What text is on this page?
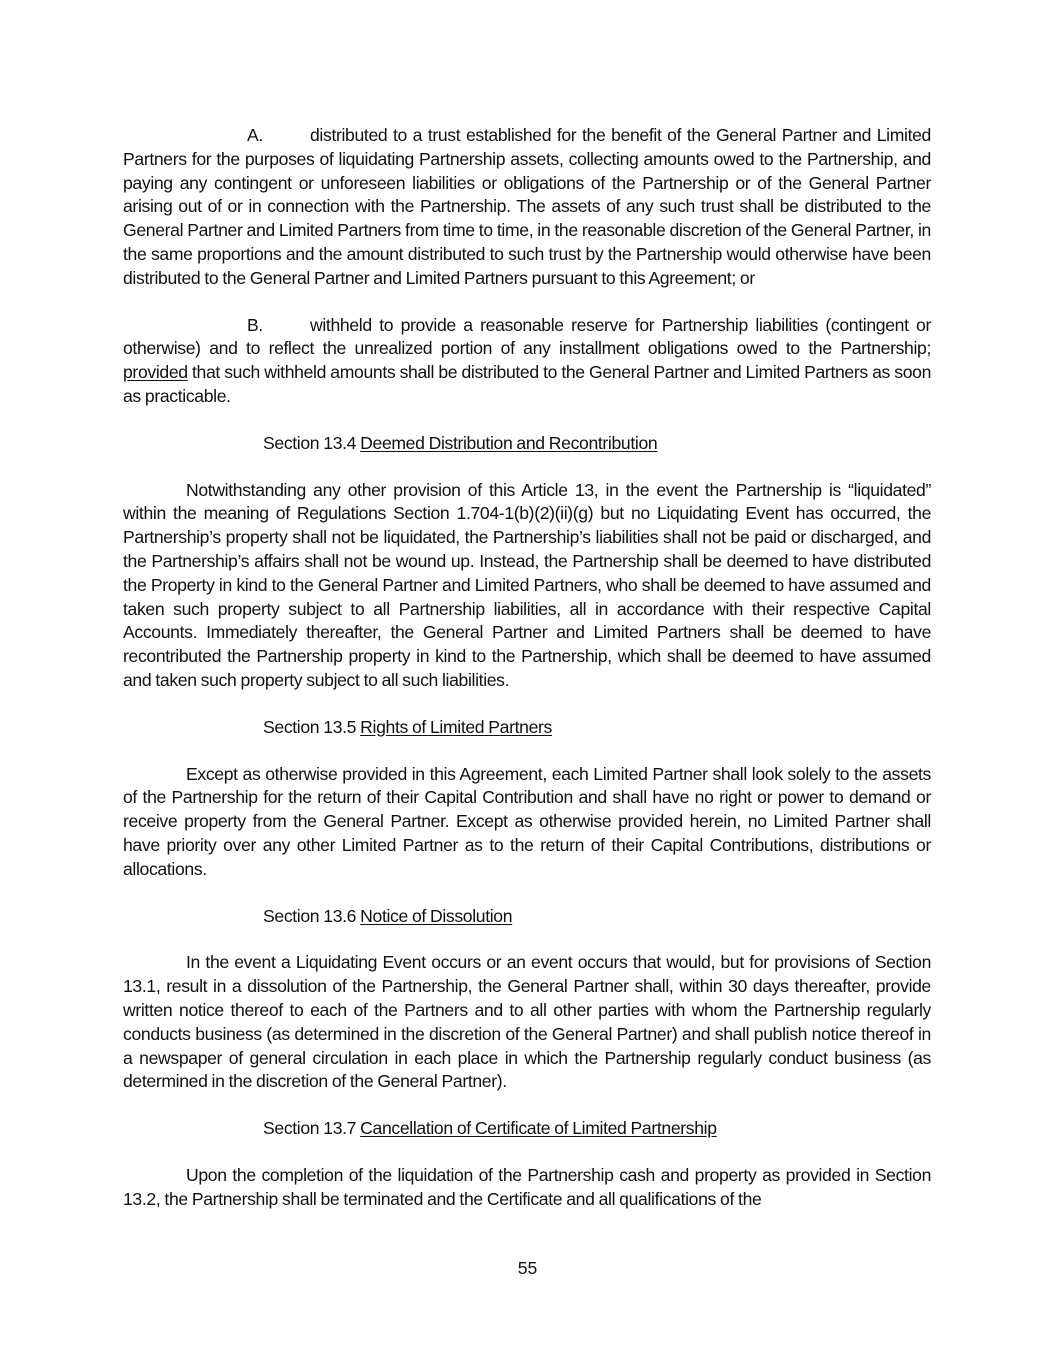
A.	distributed to a trust established for the benefit of the General Partner and Limited Partners for the purposes of liquidating Partnership assets, collecting amounts owed to the Partnership, and paying any contingent or unforeseen liabilities or obligations of the Partnership or of the General Partner arising out of or in connection with the Partnership. The assets of any such trust shall be distributed to the General Partner and Limited Partners from time to time, in the reasonable discretion of the General Partner, in the same proportions and the amount distributed to such trust by the Partnership would otherwise have been distributed to the General Partner and Limited Partners pursuant to this Agreement; or

B.	withheld to provide a reasonable reserve for Partnership liabilities (contingent or otherwise) and to reflect the unrealized portion of any installment obligations owed to the Partnership; provided that such withheld amounts shall be distributed to the General Partner and Limited Partners as soon as practicable.

Section 13.4 Deemed Distribution and Recontribution

Notwithstanding any other provision of this Article 13, in the event the Partnership is “liquidated” within the meaning of Regulations Section 1.704-1(b)(2)(ii)(g) but no Liquidating Event has occurred, the Partnership’s property shall not be liquidated, the Partnership’s liabilities shall not be paid or discharged, and the Partnership’s affairs shall not be wound up. Instead, the Partnership shall be deemed to have distributed the Property in kind to the General Partner and Limited Partners, who shall be deemed to have assumed and taken such property subject to all Partnership liabilities, all in accordance with their respective Capital Accounts. Immediately thereafter, the General Partner and Limited Partners shall be deemed to have recontributed the Partnership property in kind to the Partnership, which shall be deemed to have assumed and taken such property subject to all such liabilities.

Section 13.5 Rights of Limited Partners

Except as otherwise provided in this Agreement, each Limited Partner shall look solely to the assets of the Partnership for the return of their Capital Contribution and shall have no right or power to demand or receive property from the General Partner. Except as otherwise provided herein, no Limited Partner shall have priority over any other Limited Partner as to the return of their Capital Contributions, distributions or allocations.

Section 13.6 Notice of Dissolution

In the event a Liquidating Event occurs or an event occurs that would, but for provisions of Section 13.1, result in a dissolution of the Partnership, the General Partner shall, within 30 days thereafter, provide written notice thereof to each of the Partners and to all other parties with whom the Partnership regularly conducts business (as determined in the discretion of the General Partner) and shall publish notice thereof in a newspaper of general circulation in each place in which the Partnership regularly conduct business (as determined in the discretion of the General Partner).

Section 13.7 Cancellation of Certificate of Limited Partnership

Upon the completion of the liquidation of the Partnership cash and property as provided in Section 13.2, the Partnership shall be terminated and the Certificate and all qualifications of the

55
